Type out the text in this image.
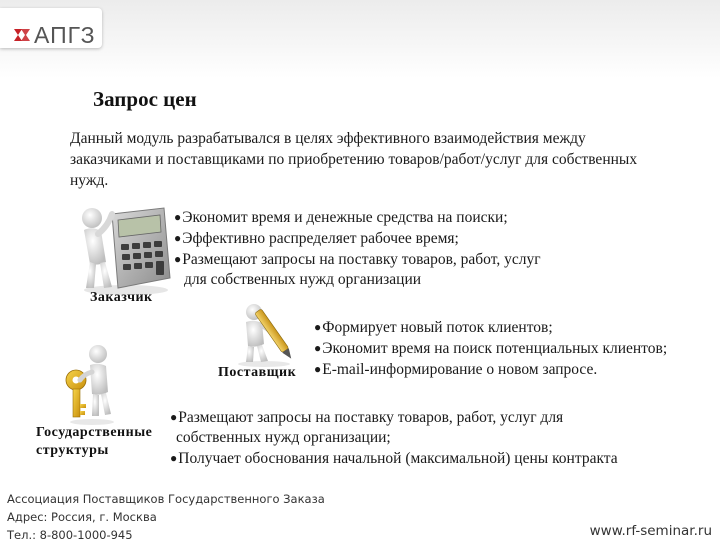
АПГЗ
Запрос цен
Данный модуль разрабатывался в целях эффективного взаимодействия между заказчиками и поставщиками по приобретению товаров/работ/услуг для собственных нужд.
Заказчик
●Экономит время и денежные средства на поиски;
●Эффективно распределяет рабочее время;
●Размещают запросы на поставку товаров, работ, услуг
для собственных нужд организации
Поставщик
●Формирует новый поток клиентов;
●Экономит время на поиск потенциальных клиентов;
●E-mail-информирование о новом запросе.
Государственные
структуры
●Размещают запросы на поставку товаров, работ, услуг для
собственных нужд организации;
●Получает обоснования начальной (максимальной) цены контракта
Ассоциация Поставщиков Государственного Заказа
Адрес: Россия, г. Москва
Тел.: 8-800-1000-945	www.rf-seminar.ru
